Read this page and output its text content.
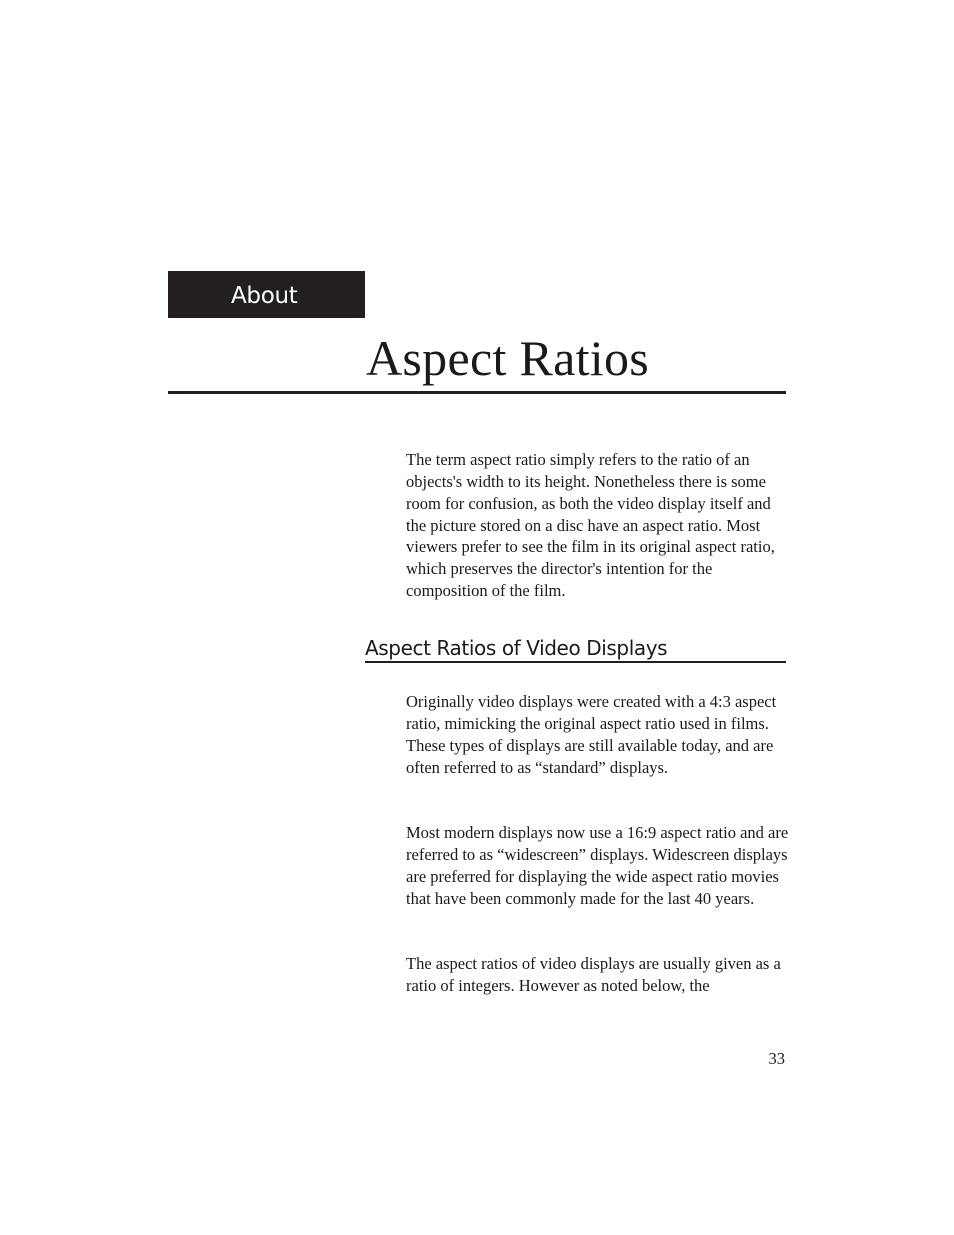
About
Aspect Ratios

The term aspect ratio simply refers to the ratio of an objects's width to its height. Nonetheless there is some room for confusion, as both the video display itself and the picture stored on a disc have an aspect ratio. Most viewers prefer to see the film in its original aspect ratio, which preserves the director's intention for the composition of the film.

Aspect Ratios of Video Displays

Originally video displays were created with a 4:3 aspect ratio, mimicking the original aspect ratio used in films. These types of displays are still available today, and are often referred to as “standard” displays.

Most modern displays now use a 16:9 aspect ratio and are referred to as “widescreen” displays. Widescreen displays are preferred for displaying the wide aspect ratio movies that have been commonly made for the last 40 years.

The aspect ratios of video displays are usually given as a ratio of integers. However as noted below, the

33
